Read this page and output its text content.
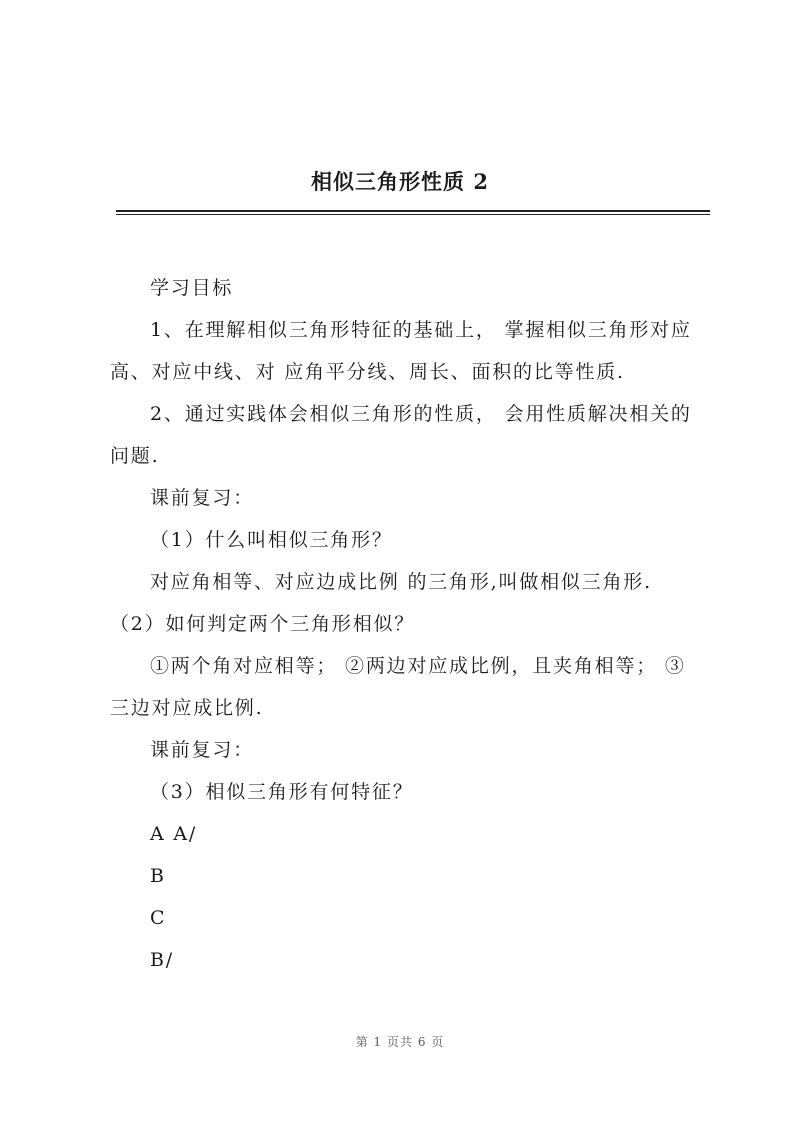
相似三角形性质 2
学习目标
1、在理解相似三角形特征的基础上， 掌握相似三角形对应
高、对应中线、对 应角平分线、周长、面积的比等性质.
2、通过实践体会相似三角形的性质， 会用性质解决相关的
问题.
课前复习：
（1）什么叫相似三角形？
对应角相等、对应边成比例 的三角形,叫做相似三角形.
（2）如何判定两个三角形相似？
①两个角对应相等； ②两边对应成比例，且夹角相等； ③
三边对应成比例.
课前复习：
（3）相似三角形有何特征？
A A/
B
C
B/
第 1 页共 6 页
